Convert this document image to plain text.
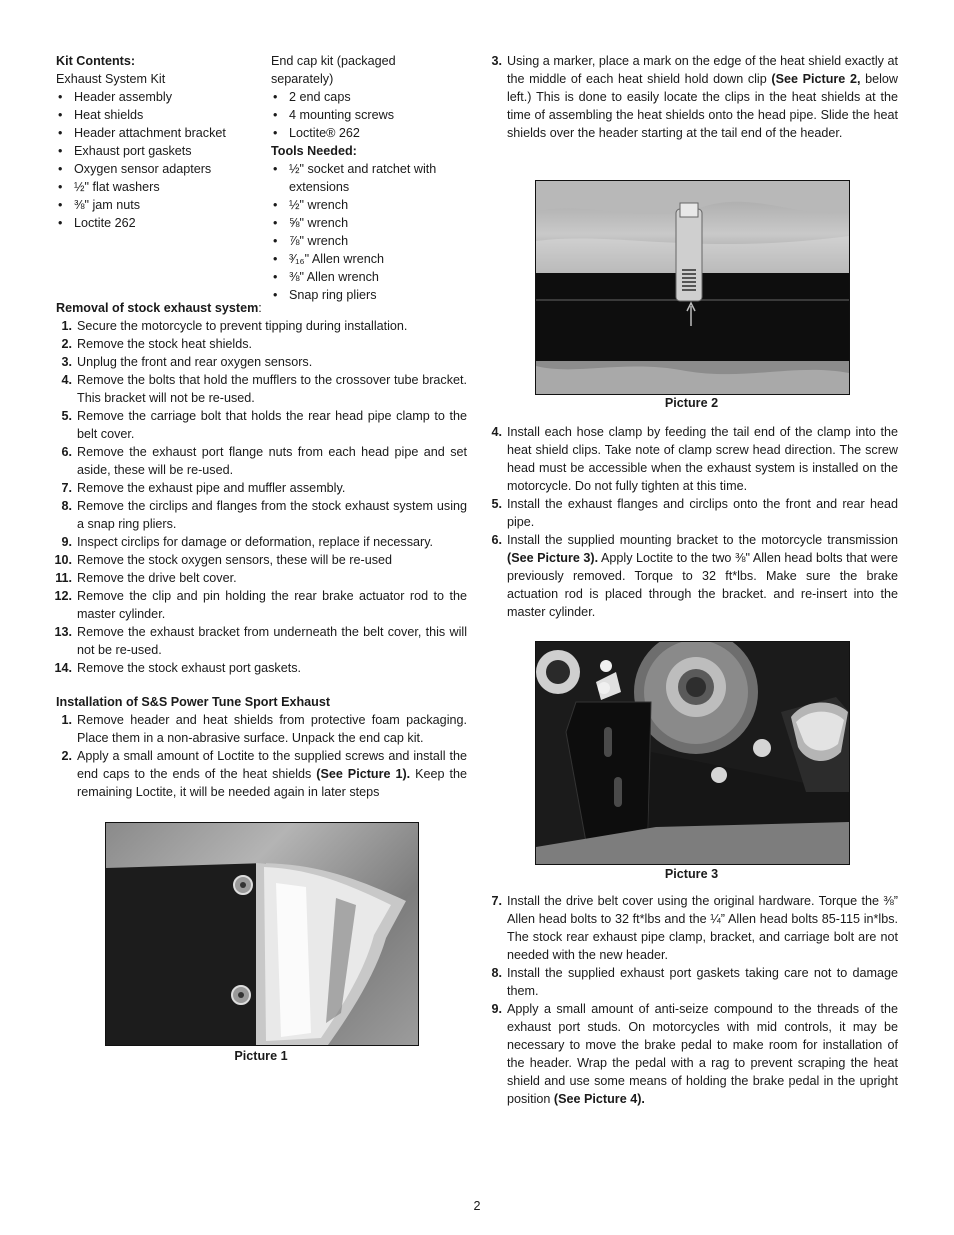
Kit Contents:
Exhaust System Kit
• Header assembly
• Heat shields
• Header attachment bracket
• Exhaust port gaskets
• Oxygen sensor adapters
• ½" flat washers
• ⅜" jam nuts
• Loctite 262
End cap kit (packaged separately)
• 2 end caps
• 4 mounting screws
• Loctite® 262
Tools Needed:
• ½" socket and ratchet with extensions
• ½" wrench
• ⅝" wrench
• ⅞" wrench
• ³⁄₁₆" Allen wrench
• ⅜" Allen wrench
• Snap ring pliers
Removal of stock exhaust system:
1. Secure the motorcycle to prevent tipping during installation.
2. Remove the stock heat shields.
3. Unplug the front and rear oxygen sensors.
4. Remove the bolts that hold the mufflers to the crossover tube bracket. This bracket will not be re-used.
5. Remove the carriage bolt that holds the rear head pipe clamp to the belt cover.
6. Remove the exhaust port flange nuts from each head pipe and set aside, these will be re-used.
7. Remove the exhaust pipe and muffler assembly.
8. Remove the circlips and flanges from the stock exhaust system using a snap ring pliers.
9. Inspect circlips for damage or deformation, replace if necessary.
10. Remove the stock oxygen sensors, these will be re-used
11. Remove the drive belt cover.
12. Remove the clip and pin holding the rear brake actuator rod to the master cylinder.
13. Remove the exhaust bracket from underneath the belt cover, this will not be re-used.
14. Remove the stock exhaust port gaskets.
Installation of S&S Power Tune Sport Exhaust
1. Remove header and heat shields from protective foam packaging. Place them in a non-abrasive surface. Unpack the end cap kit.
2. Apply a small amount of Loctite to the supplied screws and install the end caps to the ends of the heat shields (See Picture 1). Keep the remaining Loctite, it will be needed again in later steps
Picture 1
3. Using a marker, place a mark on the edge of the heat shield exactly at the middle of each heat shield hold down clip (See Picture 2, below left.) This is done to easily locate the clips in the heat shields at the time of assembling the heat shields onto the head pipe. Slide the heat shields over the header starting at the tail end of the header.
Picture 2
4. Install each hose clamp by feeding the tail end of the clamp into the heat shield clips. Take note of clamp screw head direction. The screw head must be accessible when the exhaust system is installed on the motorcycle. Do not fully tighten at this time.
5. Install the exhaust flanges and circlips onto the front and rear head pipe.
6. Install the supplied mounting bracket to the motorcycle transmission (See Picture 3). Apply Loctite to the two ⅜" Allen head bolts that were previously removed. Torque to 32 ft*lbs. Make sure the brake actuation rod is placed through the bracket. and re-insert into the master cylinder.
Picture 3
7. Install the drive belt cover using the original hardware. Torque the ⅜” Allen head bolts to 32 ft*lbs and the ¼” Allen head bolts 85-115 in*lbs. The stock rear exhaust pipe clamp, bracket, and carriage bolt are not needed with the new header.
8. Install the supplied exhaust port gaskets taking care not to damage them.
9. Apply a small amount of anti-seize compound to the threads of the exhaust port studs. On motorcycles with mid controls, it may be necessary to move the brake pedal to make room for installation of the header. Wrap the pedal with a rag to prevent scraping the heat shield and use some means of holding the brake pedal in the upright position (See Picture 4).
2
